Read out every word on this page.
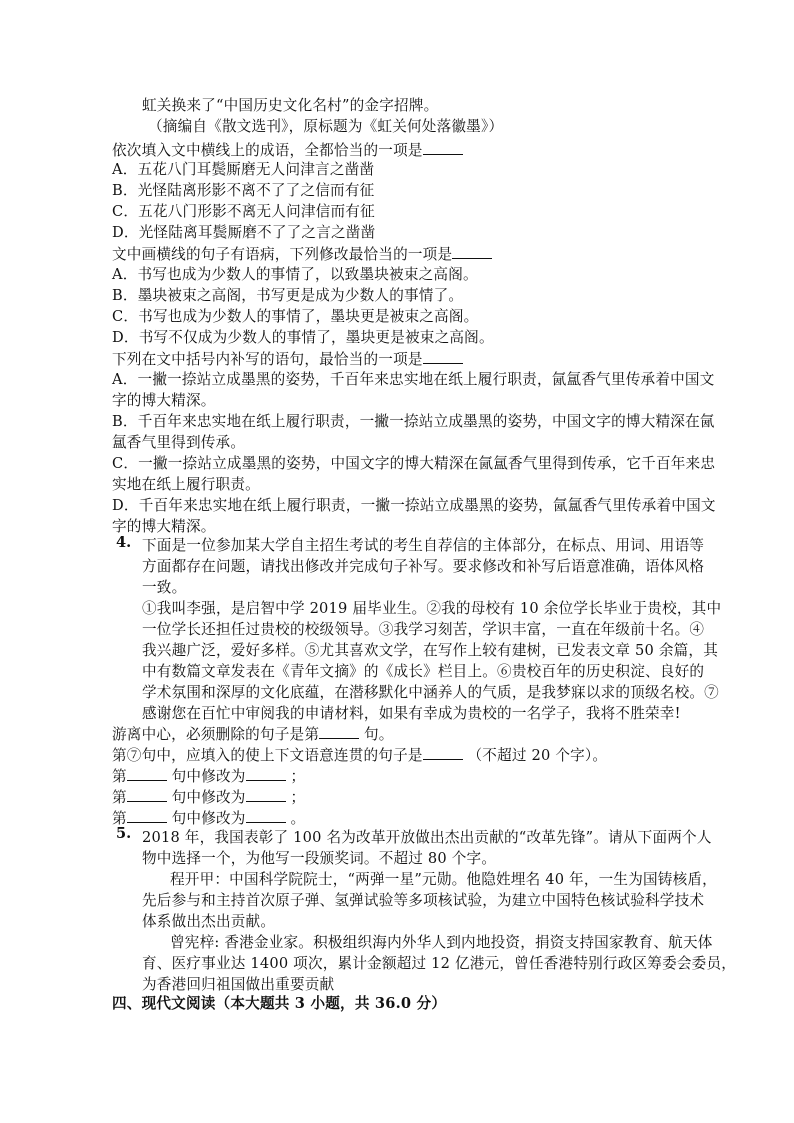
虹关换来了“中国历史文化名村”的金字招牌。
（摘编自《散文选刊》，原标题为《虹关何处落徽墨》）
依次填入文中横线上的成语，全都恰当的一项是
A．五花八门耳鬓厮磨无人问津言之凿凿
B．光怪陆离形影不离不了了之信而有征
C．五花八门形影不离无人问津信而有征
D．光怪陆离耳鬓厮磨不了了之言之凿凿
文中画横线的句子有语病，下列修改最恰当的一项是
A．书写也成为少数人的事情了，以致墨块被束之高阁。
B．墨块被束之高阁，书写更是成为少数人的事情了。
C．书写也成为少数人的事情了，墨块更是被束之高阁。
D．书写不仅成为少数人的事情了，墨块更是被束之高阁。
下列在文中括号内补写的语句，最恰当的一项是
A．一撇一捺站立成墨黑的姿势，千百年来忠实地在纸上履行职责，氤氲香气里传承着中国文
字的博大精深。
B．千百年来忠实地在纸上履行职责，一撇一捺站立成墨黑的姿势，中国文字的博大精深在氤
氲香气里得到传承。
C．一撇一捺站立成墨黑的姿势，中国文字的博大精深在氤氲香气里得到传承，它千百年来忠
实地在纸上履行职责。
D．千百年来忠实地在纸上履行职责，一撇一捺站立成墨黑的姿势，氤氲香气里传承着中国文
字的博大精深。
4. 下面是一位参加某大学自主招生考试的考生自荐信的主体部分，在标点、用词、用语等
方面都存在问题，请找出修改并完成句子补写。要求修改和补写后语意准确，语体风格
一致。
①我叫李强，是启智中学 2019 届毕业生。②我的母校有 10 余位学长毕业于贵校，其中
一位学长还担任过贵校的校级领导。③我学习刻苦，学识丰富，一直在年级前十名。④
我兴趣广泛，爱好多样。⑤尤其喜欢文学，在写作上较有建树，已发表文章 50 余篇，其
中有数篇文章发表在《青年文摘》的《成长》栏目上。⑥贵校百年的历史积淀、良好的
学术氛围和深厚的文化底蕴，在潜移默化中涵养人的气质，是我梦寐以求的顶级名校。⑦
感谢您在百忙中审阅我的申请材料，如果有幸成为贵校的一名学子，我将不胜荣幸!
游离中心，必须删除的句子是第	句。
第⑦句中，应填入的使上下文语意连贯的句子是	（不超过 20 个字）。
第	句中修改为	；
第	句中修改为	；
第	句中修改为	。
5. 2018 年，我国表彰了 100 名为改革开放做出杰出贡献的“改革先锋”。请从下面两个人
物中选择一个，为他写一段颁奖词。不超过 80 个字。
程开甲：中国科学院院士，“两弹一星”元勋。他隐姓埋名 40 年，一生为国铸核盾，
先后参与和主持首次原子弹、氢弹试验等多项核试验，为建立中国特色核试验科学技术
体系做出杰出贡献。
曾宪梓: 香港金业家。积极组织海内外华人到内地投资，捐资支持国家教育、航天体
育、医疗事业达 1400 项次，累计金额超过 12 亿港元，曾任香港特别行政区筹委会委员，
为香港回归祖国做出重要贡献
四、现代文阅读（本大题共 3 小题，共 36.0 分）
